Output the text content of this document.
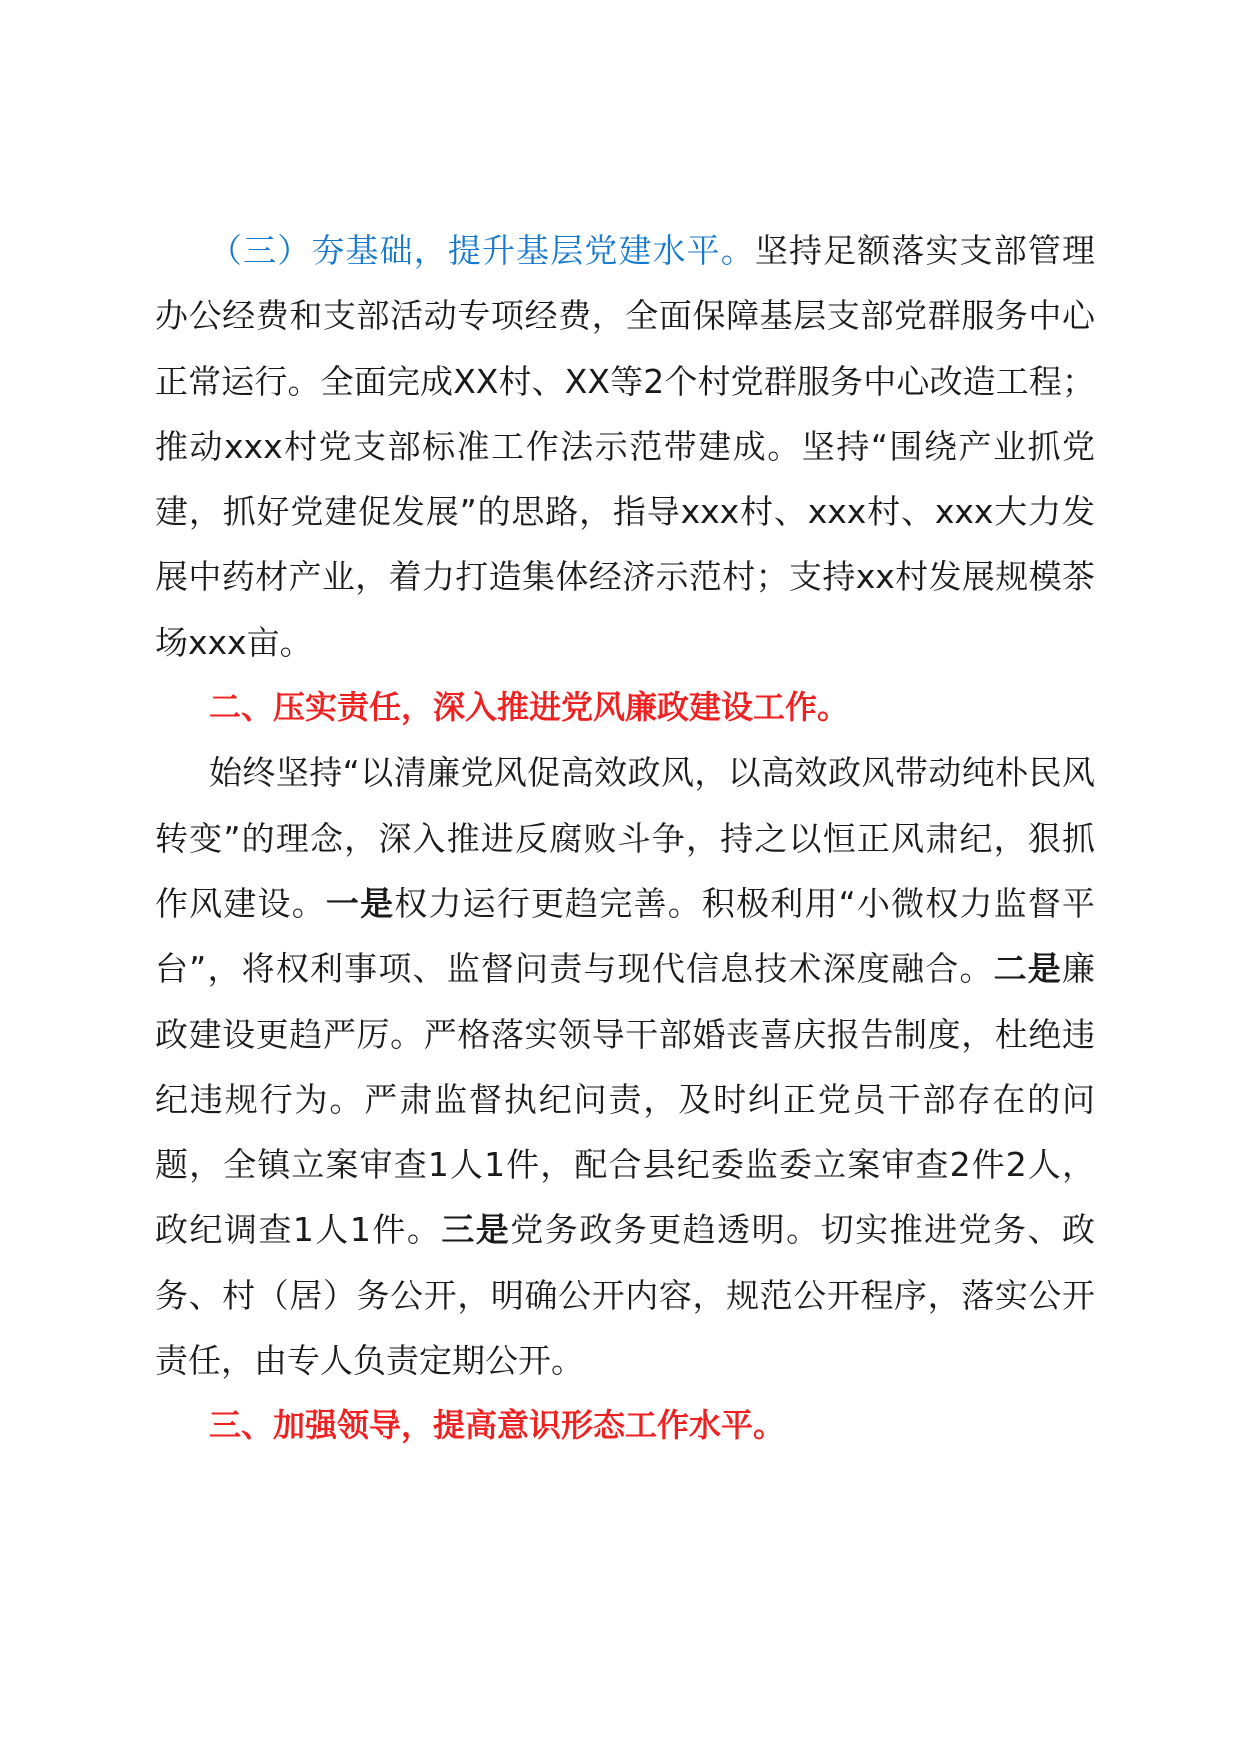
（三）夯基础，提升基层党建水平。坚持足额落实支部管理办公经费和支部活动专项经费，全面保障基层支部党群服务中心正常运行。全面完成XX村、XX等2个村党群服务中心改造工程；推动xxx村党支部标准工作法示范带建成。坚持“围绕产业抓党建，抓好党建促发展”的思路，指导xxx村、xxx村、xxx大力发展中药材产业，着力打造集体经济示范村；支持xx村发展规模茶场xxx亩。

二、压实责任，深入推进党风廉政建设工作。

始终坚持“以清廉党风促高效政风，以高效政风带动纯朴民风转变”的理念，深入推进反腐败斗争，持之以恒正风肃纪，狠抓作风建设。一是权力运行更趋完善。积极利用“小微权力监督平台”，将权利事项、监督问责与现代信息技术深度融合。二是廉政建设更趋严厉。严格落实领导干部婚丧喜庆报告制度，杜绝违纪违规行为。严肃监督执纪问责，及时纠正党员干部存在的问题，全镇立案审查1人1件，配合县纪委监委立案审查2件2人，政纪调查1人1件。三是党务政务更趋透明。切实推进党务、政务、村（居）务公开，明确公开内容，规范公开程序，落实公开责任，由专人负责定期公开。

三、加强领导，提高意识形态工作水平。
